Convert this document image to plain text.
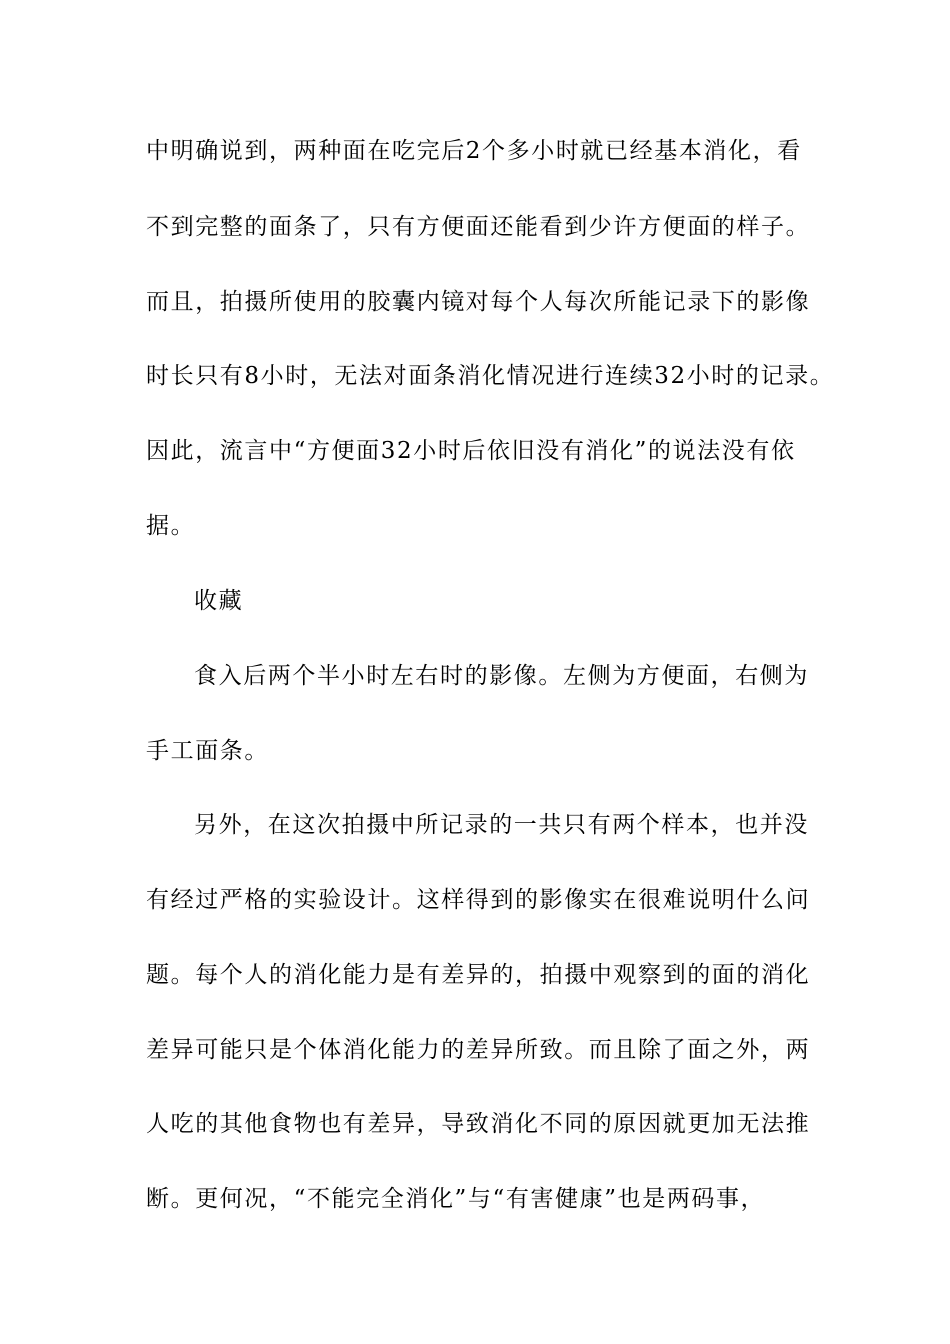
中明确说到，两种面在吃完后2个多小时就已经基本消化，看
不到完整的面条了，只有方便面还能看到少许方便面的样子。
而且，拍摄所使用的胶囊内镜对每个人每次所能记录下的影像
时长只有8小时，无法对面条消化情况进行连续32小时的记录。
因此，流言中“方便面32小时后依旧没有消化”的说法没有依
据。
收藏
食入后两个半小时左右时的影像。左侧为方便面，右侧为
手工面条。
另外，在这次拍摄中所记录的一共只有两个样本，也并没
有经过严格的实验设计。这样得到的影像实在很难说明什么问
题。每个人的消化能力是有差异的，拍摄中观察到的面的消化
差异可能只是个体消化能力的差异所致。而且除了面之外，两
人吃的其他食物也有差异，导致消化不同的原因就更加无法推
断。更何况，“不能完全消化”与“有害健康”也是两码事，
